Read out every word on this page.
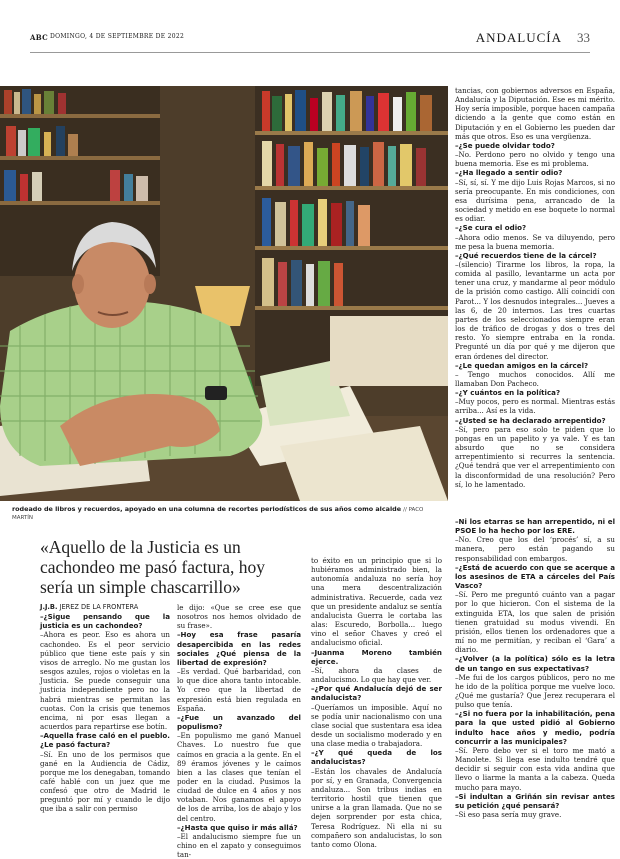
ABC DOMINGO, 4 DE SEPTIEMBRE DE 2022	ANDALUCÍA 33
rodeado de libros y recuerdos, apoyado en una columna de recortes periodísticos de sus años como alcalde // PACO MARTÍN
«Aquello de la Justicia es un cachondeo me pasó factura, hoy sería un simple chascarrillo»

tancias, con gobiernos adversos en España, Andalucía y la Diputación. Ese es mi mérito. Hoy sería imposible, porque hacen campaña diciendo a la gente que como están en Diputación y en el Gobierno les pueden dar más que otros. Eso es una vergüenza.

–¿Se puede olvidar todo?

–No. Perdono pero no olvido y tengo una buena memoria. Ese es mi problema.

–¿Ha llegado a sentir odio?

–Sí, sí, sí. Y me dijo Luis Rojas Marcos, si no sería preocupante. En mis condiciones, con esa durísima pena, arrancado de la sociedad y metido en ese boquete lo normal es odiar.

–¿Se cura el odio?

–Ahora odio menos. Se va diluyendo, pero me pesa la buena memoria.

–¿Qué recuerdos tiene de la cárcel?

–(silencio) Tirarme los libros, la ropa, la comida al pasillo, levantarme un acta por tener una cruz, y mandarme al peor módulo de la prisión como castigo. Allí coincidí con Parot... Y los desnudos integrales... Jueves a las 6, de 20 internos. Las tres cuartas partes de los seleccionados siempre eran los de tráfico de drogas y dos o tres del resto. Yo siempre entraba en la ronda. Pregunté un día por qué y me dijeron que eran órdenes del director.

–¿Le quedan amigos en la cárcel?

– Tengo muchos conocidos. Allí me llamaban Don Pacheco.

–¿Y cuántos en la política?

–Muy pocos, pero es normal. Mientras estás arriba... Así es la vida.

–¿Usted se ha declarado arrepentido?

–Sí, pero para eso solo te piden que lo pongas en un papelito y ya vale. Y es tan absurdo que no se considera arrepentimiento si recurres la sentencia. ¿Qué tendrá que ver el arrepentimiento con la disconformidad de una resolución? Pero sí, lo he lamentado.

J.J.B. JEREZ DE LA FRONTERA

–¿Sigue pensando que la justicia es un cachondeo?

–Ahora es peor. Eso es ahora un cachondeo. Es el peor servicio público que tiene este país y sin visos de arreglo. No me gustan los sesgos azules, rojos o violetas en la Justicia. Se puede conseguir una justicia independiente pero no la habrá mientras se permitan las cuotas. Con la crisis que tenemos encima, ni por esas llegan a acuerdos para repartirse ese botín.

–Aquella frase caló en el pueblo. ¿Le pasó factura?

–Sí. En uno de los permisos que gané en la Audiencia de Cádiz, porque me los denegaban, tomando café hablé con un juez que me confesó que otro de Madrid le preguntó por mí y cuando le dijo que iba a salir con permiso

le dijo: «Que se cree ese que nosotros nos hemos olvidado de su frase».

–Hoy esa frase pasaría desapercibida en las redes sociales ¿Qué piensa de la libertad de expresión?

–Es verdad. Qué barbaridad, con lo que dice ahora tanto intocable. Yo creo que la libertad de expresión está bien regulada en España.

–¿Fue un avanzado del populismo?

–En populismo me ganó Manuel Chaves. Lo nuestro fue que caímos en gracia a la gente. En el 89 éramos jóvenes y le caímos bien a las clases que tenían el poder en la ciudad. Pusimos la ciudad de dulce en 4 años y nos votaban. Nos ganamos el apoyo de los de arriba, los de abajo y los del centro.

–¿Hasta que quiso ir más allá?

–El andalucismo siempre fue un chino en el zapato y conseguimos tan-

to éxito en un principio que si lo hubiéramos administrado bien, la autonomía andaluza no sería hoy una mera descentralización administrativa. Recuerde, cada vez que un presidente andaluz se sentía andalucista Guerra le cortaba las alas: Escuredo, Borbolla... luego vino el señor Chaves y creó el andalucismo oficial.

–Juanma Moreno también ejerce.

–Sí, ahora da clases de andalucismo. Lo que hay que ver.

–¿Por qué Andalucía dejó de ser andalucista?

–Queríamos un imposible. Aquí no se podía unir nacionalismo con una clase social que sustentara esa idea desde un socialismo moderado y en una clase media o trabajadora.

–¿Y qué queda de los andalucistas?

–Están los chavales de Andalucía por sí, y en Granada, Convergencia andaluza... Son tribus indias en territorio hostil que tienen que unirse a la gran llamada. Que no se dejen sorprender por esta chica, Teresa Rodríguez. Ni ella ni su compañero son andalucistas, lo son tanto como Olona.

–Ni los etarras se han arrepentido, ni el PSOE lo ha hecho por los ERE.

–No. Creo que los del ‘procés’ sí, a su manera, pero están pagando su responsabilidad con embargos.

–¿Está de acuerdo con que se acerque a los asesinos de ETA a cárceles del País Vasco?

–Sí. Pero me preguntó cuánto van a pagar por lo que hicieron. Con el sistema de la extinguida ETA, los que salen de prisión tienen gratuidad su modus vivendi. En prisión, ellos tienen los ordenadores que a mí no me permitían, y reciban el ‘Gara’ a diario.

–¿Volver (a la política) sólo es la letra de un tango en sus expectativas?

–Me fui de los cargos públicos, pero no me he ido de la política porque me vuelve loco. ¿Qué me gustaría? Que Jerez recuperara el pulso que tenía.

–¿Si no fuera por la inhabilitación, pena para la que usted pidió al Gobierno indulto hace años y medio, podría concurrir a las municipales?

–Sí. Pero debo ver si el toro me mató a Manolete. Si llega ese indulto tendré que decidir si seguir con esta vida andina que llevo o liarme la manta a la cabeza. Queda mucho para mayo.

–Si indultan a Griñán sin revisar antes su petición ¿qué pensará?

–Si eso pasa sería muy grave.
